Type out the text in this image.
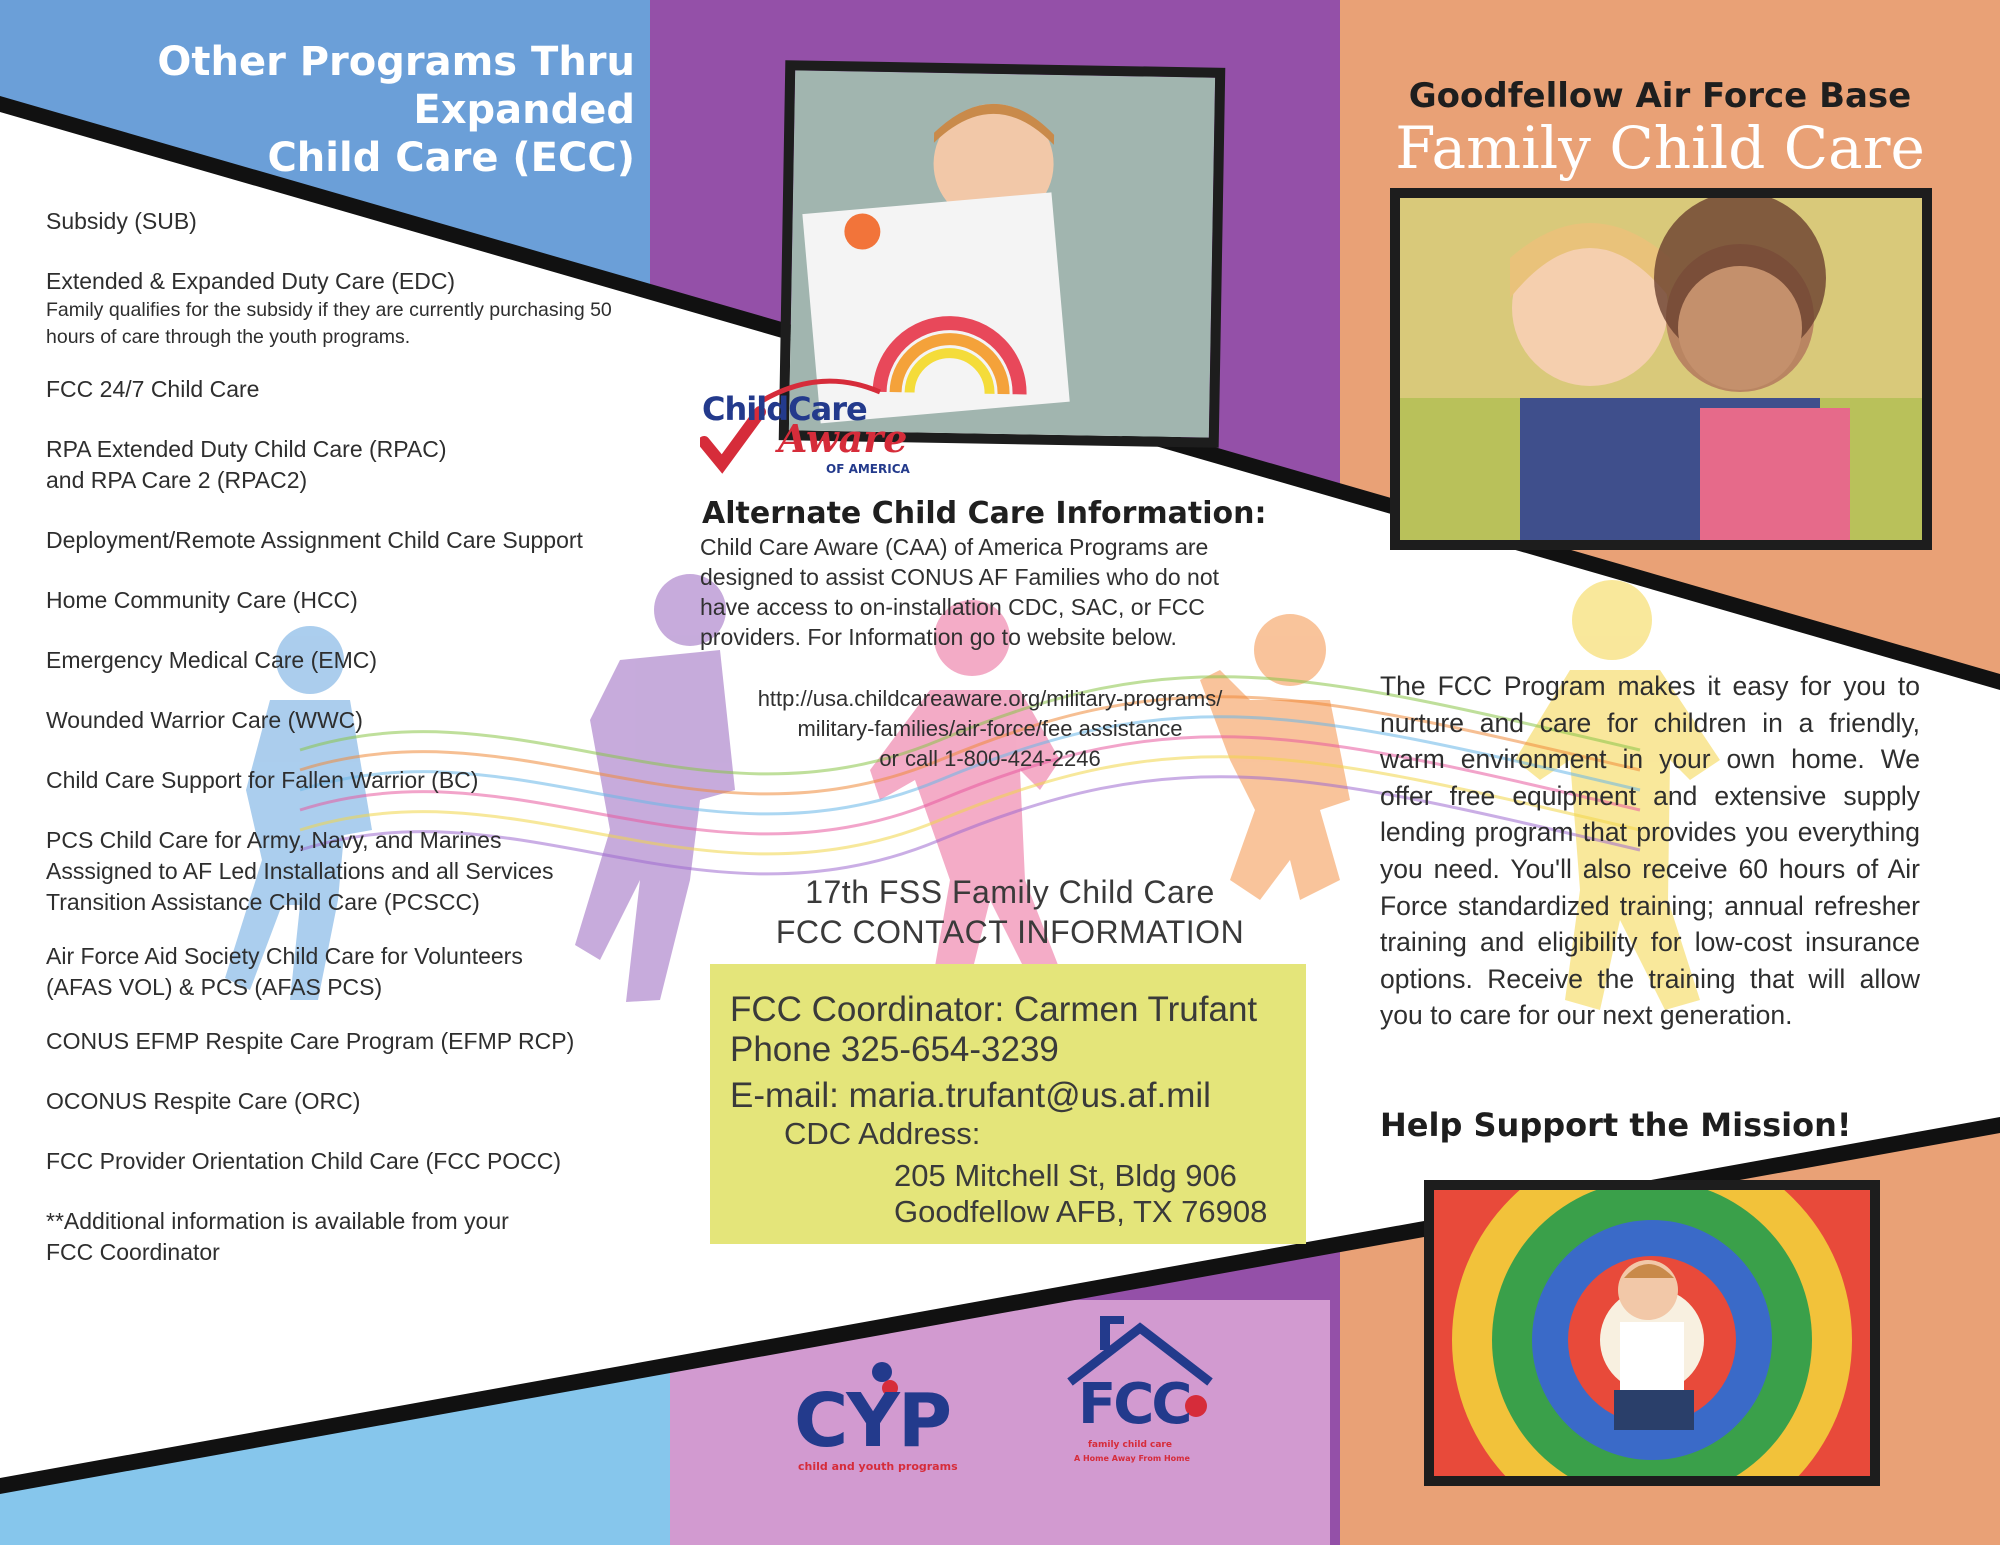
Other Programs Thru
Expanded
Child Care (ECC)
Subsidy (SUB)
Extended & Expanded Duty Care (EDC)
Family qualifies for the subsidy if they are currently purchasing 50 hours of care through the youth programs.
FCC 24/7 Child Care
RPA Extended Duty Child Care (RPAC) and RPA Care 2 (RPAC2)
Deployment/Remote Assignment Child Care Support
Home Community Care (HCC)
Emergency Medical Care (EMC)
Wounded Warrior Care (WWC)
Child Care Support for Fallen Warrior (BC)
PCS Child Care for Army, Navy, and Marines Asssigned to AF Led Installations and all Services Transition Assistance Child Care (PCSCC)
Air Force Aid Society Child Care for Volunteers (AFAS VOL) & PCS (AFAS PCS)
CONUS EFMP Respite Care Program (EFMP RCP)
OCONUS Respite Care (ORC)
FCC Provider Orientation Child Care (FCC POCC)
**Additional information is available from your FCC Coordinator
ChildCare
Aware
OF AMERICA
Alternate Child Care Information:
Child Care Aware (CAA) of America Programs are designed to assist CONUS AF Families who do not have access to on-installation CDC, SAC, or FCC providers. For Information go to website below.
http://usa.childcareaware.org/military-programs/
military-families/air-force/fee assistance
or call 1-800-424-2246
17th FSS Family Child Care
FCC CONTACT INFORMATION
FCC Coordinator: Carmen Trufant
Phone 325-654-3239
E-mail: maria.trufant@us.af.mil
CDC Address:
205 Mitchell St, Bldg 906
Goodfellow AFB, TX 76908
CYP
child and youth programs
FCC
family child care
A Home Away From Home
Goodfellow Air Force Base
Family Child Care
The FCC Program makes it easy for you to nurture and care for children in a friendly, warm environment in your own home. We offer free equipment and extensive supply lending program that provides you everything you need. You'll also receive 60 hours of Air Force standardized training; annual refresher training and eligibility for low-cost insurance options. Receive the training that will allow you to care for our next generation.
Help Support the Mission!
